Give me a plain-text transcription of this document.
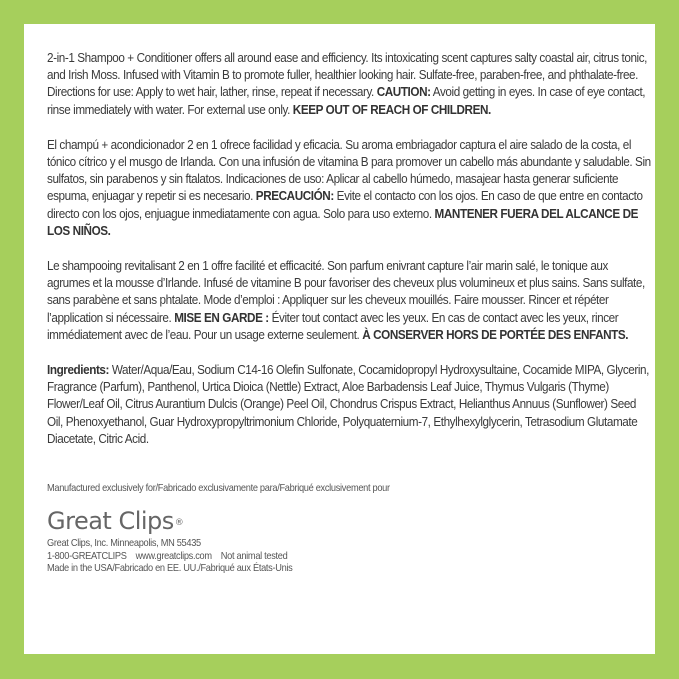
2-in-1 Shampoo + Conditioner offers all around ease and efficiency. Its intoxicating scent captures salty coastal air, citrus tonic, and Irish Moss. Infused with Vitamin B to promote fuller, healthier looking hair. Sulfate-free, paraben-free, and phthalate-free. Directions for use: Apply to wet hair, lather, rinse, repeat if necessary. CAUTION: Avoid getting in eyes. In case of eye contact, rinse immediately with water. For external use only. KEEP OUT OF REACH OF CHILDREN.

El champú + acondicionador 2 en 1 ofrece facilidad y eficacia. Su aroma embriagador captura el aire salado de la costa, el tónico cítrico y el musgo de Irlanda. Con una infusión de vitamina B para promover un cabello más abundante y saludable. Sin sulfatos, sin parabenos y sin ftalatos. Indicaciones de uso: Aplicar al cabello húmedo, masajear hasta generar suficiente espuma, enjuagar y repetir si es necesario. PRECAUCIÓN: Evite el contacto con los ojos. En caso de que entre en contacto directo con los ojos, enjuague inmediatamente con agua. Solo para uso externo. MANTENER FUERA DEL ALCANCE DE LOS NIÑOS.

Le shampooing revitalisant 2 en 1 offre facilité et efficacité. Son parfum enivrant capture l’air marin salé, le tonique aux agrumes et la mousse d’Irlande. Infusé de vitamine B pour favoriser des cheveux plus volumineux et plus sains. Sans sulfate, sans parabène et sans phtalate. Mode d’emploi : Appliquer sur les cheveux mouillés. Faire mousser. Rincer et répéter l’application si nécessaire. MISE EN GARDE : Éviter tout contact avec les yeux. En cas de contact avec les yeux, rincer immédiatement avec de l’eau. Pour un usage externe seulement. À CONSERVER HORS DE PORTÉE DES ENFANTS.

Ingredients: Water/Aqua/Eau, Sodium C14-16 Olefin Sulfonate, Cocamidopropyl Hydroxysultaine, Cocamide MIPA, Glycerin, Fragrance (Parfum), Panthenol, Urtica Dioica (Nettle) Extract, Aloe Barbadensis Leaf Juice, Thymus Vulgaris (Thyme) Flower/Leaf Oil, Citrus Aurantium Dulcis (Orange) Peel Oil, Chondrus Crispus Extract, Helianthus Annuus (Sunflower) Seed Oil, Phenoxyethanol, Guar Hydroxypropyltrimonium Chloride, Polyquaternium-7, Ethylhexylglycerin, Tetrasodium Glutamate Diacetate, Citric Acid.

Manufactured exclusively for/Fabricado exclusivamente para/Fabriqué exclusivement pour
Great Clips®
Great Clips, Inc. Minneapolis, MN 55435
1-800-GREATCLIPS    www.greatclips.com    Not animal tested
Made in the USA/Fabricado en EE. UU./Fabriqué aux États-Unis
